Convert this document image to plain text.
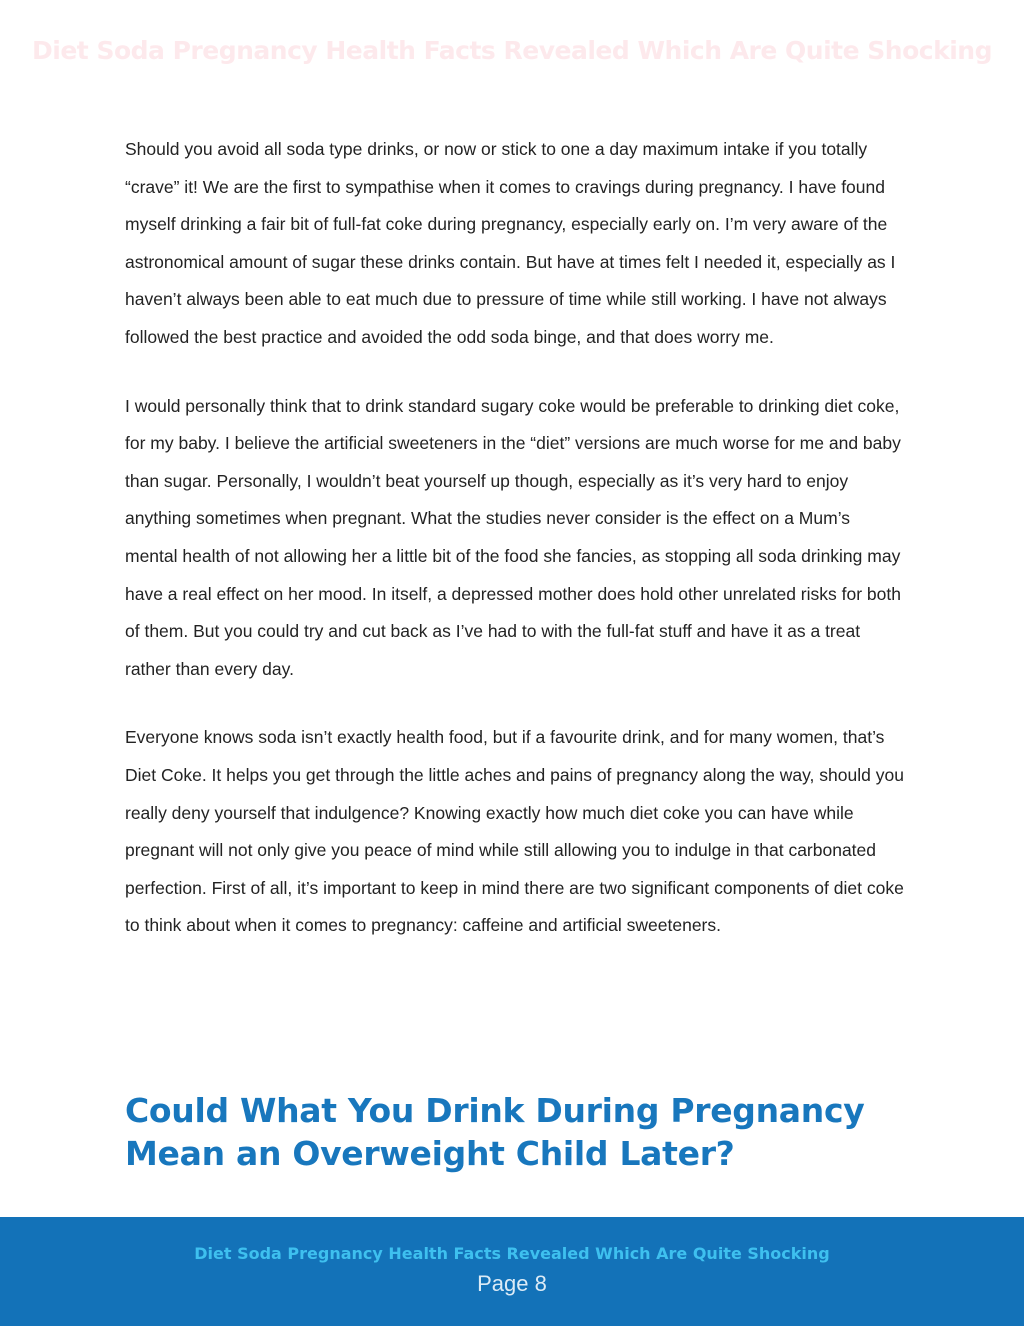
Diet Soda Pregnancy Health Facts Revealed Which Are Quite Shocking

Should you avoid all soda type drinks, or now or stick to one a day maximum intake if you totally “crave” it! We are the first to sympathise when it comes to cravings during pregnancy. I have found myself drinking a fair bit of full-fat coke during pregnancy, especially early on. I’m very aware of the astronomical amount of sugar these drinks contain. But have at times felt I needed it, especially as I haven’t always been able to eat much due to pressure of time while still working. I have not always followed the best practice and avoided the odd soda binge, and that does worry me.

I would personally think that to drink standard sugary coke would be preferable to drinking diet coke, for my baby. I believe the artificial sweeteners in the “diet” versions are much worse for me and baby than sugar. Personally, I wouldn’t beat yourself up though, especially as it’s very hard to enjoy anything sometimes when pregnant. What the studies never consider is the effect on a Mum’s mental health of not allowing her a little bit of the food she fancies, as stopping all soda drinking may have a real effect on her mood. In itself, a depressed mother does hold other unrelated risks for both of them. But you could try and cut back as I’ve had to with the full-fat stuff and have it as a treat rather than every day.

Everyone knows soda isn’t exactly health food, but if a favourite drink, and for many women, that’s Diet Coke. It helps you get through the little aches and pains of pregnancy along the way, should you really deny yourself that indulgence? Knowing exactly how much diet coke you can have while pregnant will not only give you peace of mind while still allowing you to indulge in that carbonated perfection. First of all, it’s important to keep in mind there are two significant components of diet coke to think about when it comes to pregnancy: caffeine and artificial sweeteners.

Could What You Drink During Pregnancy
Mean an Overweight Child Later?
Diet Soda Pregnancy Health Facts Revealed Which Are Quite Shocking
Page 8
